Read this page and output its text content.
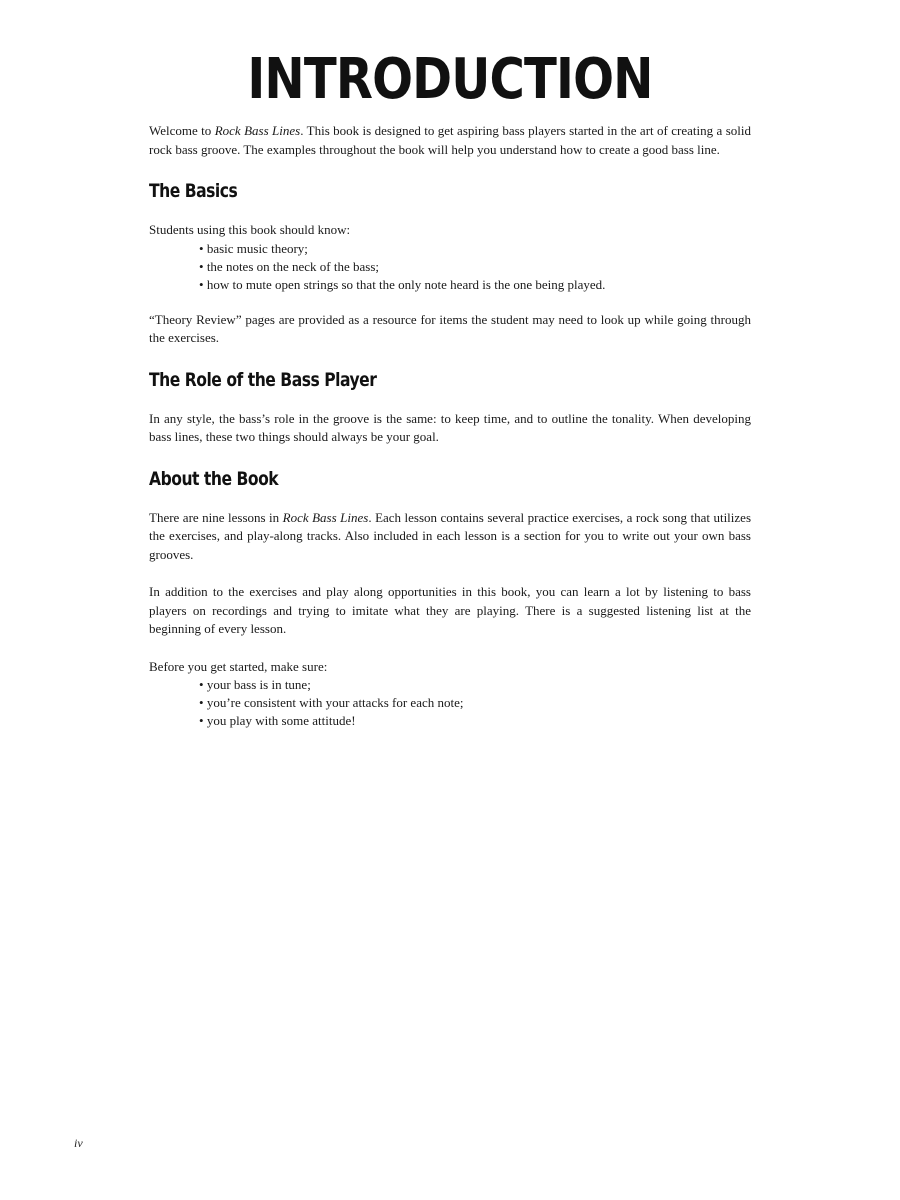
INTRODUCTION

Welcome to Rock Bass Lines. This book is designed to get aspiring bass players started in the art of creating a solid rock bass groove. The examples throughout the book will help you understand how to create a good bass line.

The Basics

Students using this book should know:

• basic music theory;
• the notes on the neck of the bass;
• how to mute open strings so that the only note heard is the one being played.

“Theory Review” pages are provided as a resource for items the student may need to look up while going through the exercises.

The Role of the Bass Player

In any style, the bass’s role in the groove is the same: to keep time, and to outline the tonality. When developing bass lines, these two things should always be your goal.

About the Book

There are nine lessons in Rock Bass Lines. Each lesson contains several practice exercises, a rock song that utilizes the exercises, and play-along tracks. Also included in each lesson is a section for you to write out your own bass grooves.

In addition to the exercises and play along opportunities in this book, you can learn a lot by listening to bass players on recordings and trying to imitate what they are playing. There is a suggested listening list at the beginning of every lesson.

Before you get started, make sure:

• your bass is in tune;
• you’re consistent with your attacks for each note;
• you play with some attitude!
iv
